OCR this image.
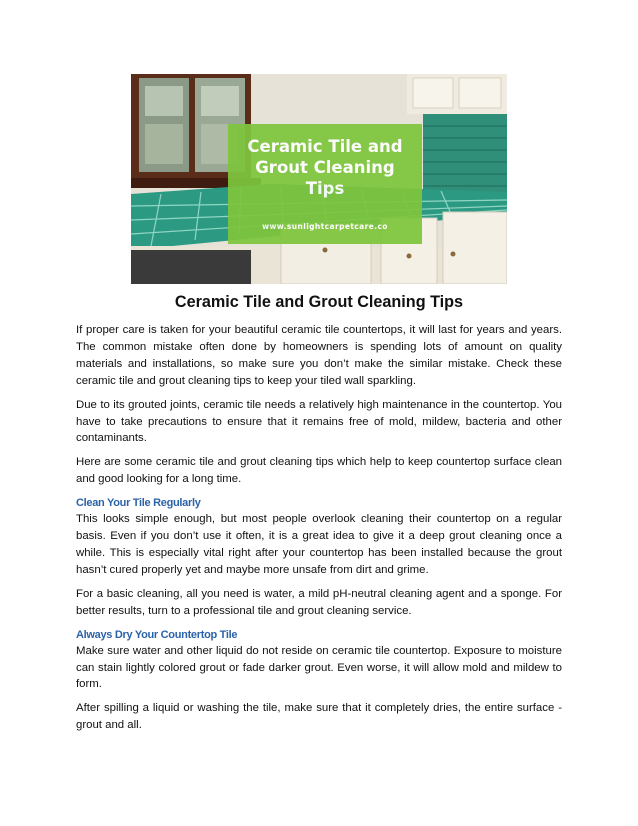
Ceramic Tile and
Grout Cleaning
Tips
www.sunlightcarpetcare.co
Ceramic Tile and Grout Cleaning Tips

If proper care is taken for your beautiful ceramic tile countertops, it will last for years and years. The common mistake often done by homeowners is spending lots of amount on quality materials and installations, so make sure you don’t make the similar mistake. Check these ceramic tile and grout cleaning tips to keep your tiled wall sparkling.

Due to its grouted joints, ceramic tile needs a relatively high maintenance in the countertop. You have to take precautions to ensure that it remains free of mold, mildew, bacteria and other contaminants.

Here are some ceramic tile and grout cleaning tips which help to keep countertop surface clean and good looking for a long time.

Clean Your Tile Regularly

This looks simple enough, but most people overlook cleaning their countertop on a regular basis. Even if you don’t use it often, it is a great idea to give it a deep grout cleaning once a while. This is especially vital right after your countertop has been installed because the grout hasn’t cured properly yet and maybe more unsafe from dirt and grime.

For a basic cleaning, all you need is water, a mild pH-neutral cleaning agent and a sponge. For better results, turn to a professional tile and grout cleaning service.

Always Dry Your Countertop Tile

Make sure water and other liquid do not reside on ceramic tile countertop. Exposure to moisture can stain lightly colored grout or fade darker grout. Even worse, it will allow mold and mildew to form.

After spilling a liquid or washing the tile, make sure that it completely dries, the entire surface - grout and all.
